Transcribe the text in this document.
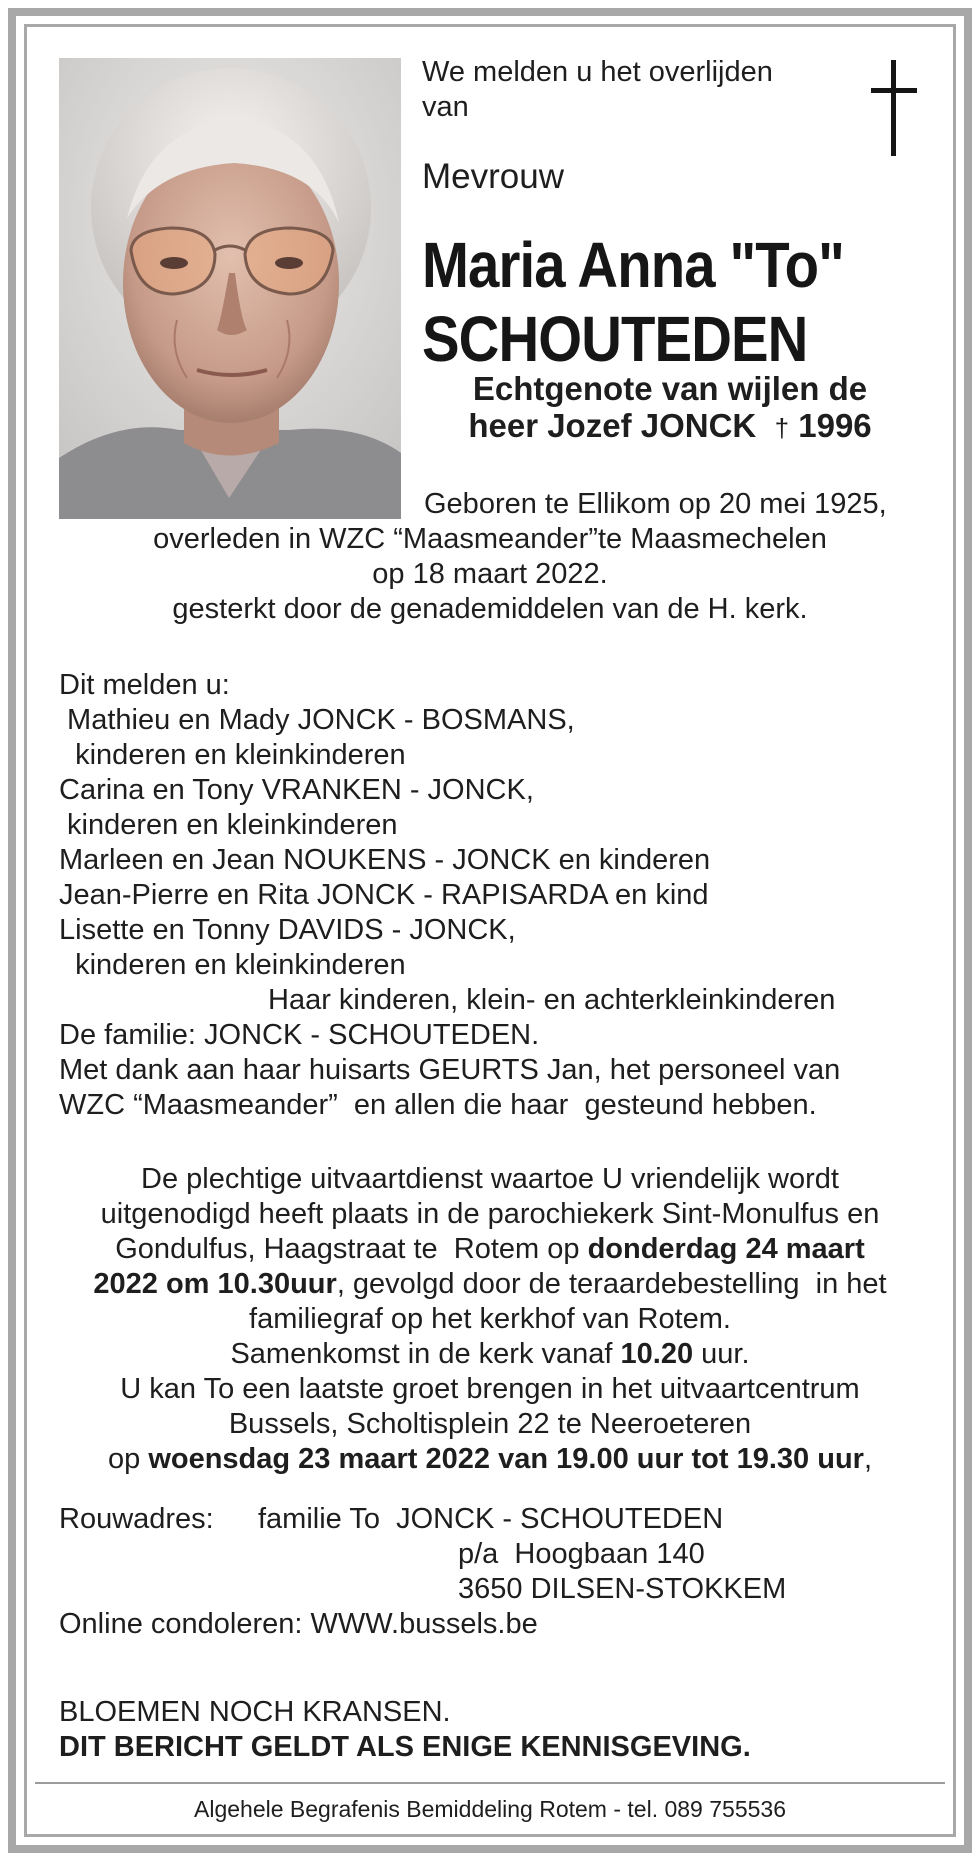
We melden u het overlijden van
Mevrouw
Maria Anna "To"
SCHOUTEDEN
Echtgenote van wijlen de
heer Jozef JONCK † 1996
Geboren te Ellikom op 20 mei 1925,
overleden in WZC “Maasmeander”te Maasmechelen
op 18 maart 2022.
gesterkt door de genademiddelen van de H. kerk.
Dit melden u:
Mathieu en Mady JONCK - BOSMANS,
kinderen en kleinkinderen
Carina en Tony VRANKEN - JONCK,
kinderen en kleinkinderen
Marleen en Jean NOUKENS - JONCK en kinderen
Jean-Pierre en Rita JONCK - RAPISARDA en kind
Lisette en Tonny DAVIDS - JONCK,
kinderen en kleinkinderen
Haar kinderen, klein- en achterkleinkinderen
De familie: JONCK - SCHOUTEDEN.
Met dank aan haar huisarts GEURTS Jan, het personeel van
WZC “Maasmeander”  en allen die haar  gesteund hebben.
De plechtige uitvaartdienst waartoe U vriendelijk wordt
uitgenodigd heeft plaats in de parochiekerk Sint-Monulfus en
Gondulfus, Haagstraat te  Rotem op donderdag 24 maart
2022 om 10.30uur, gevolgd door de teraardebestelling  in het
familiegraf op het kerkhof van Rotem.
Samenkomst in de kerk vanaf 10.20 uur.
U kan To een laatste groet brengen in het uitvaartcentrum
Bussels, Scholtisplein 22 te Neeroeteren
op woensdag 23 maart 2022 van 19.00 uur tot 19.30 uur,
Rouwadres: familie To  JONCK - SCHOUTEDEN
p/a  Hoogbaan 140
3650 DILSEN-STOKKEM
Online condoleren: WWW.bussels.be
BLOEMEN NOCH KRANSEN.
DIT BERICHT GELDT ALS ENIGE KENNISGEVING.
Algehele Begrafenis Bemiddeling Rotem - tel. 089 755536
